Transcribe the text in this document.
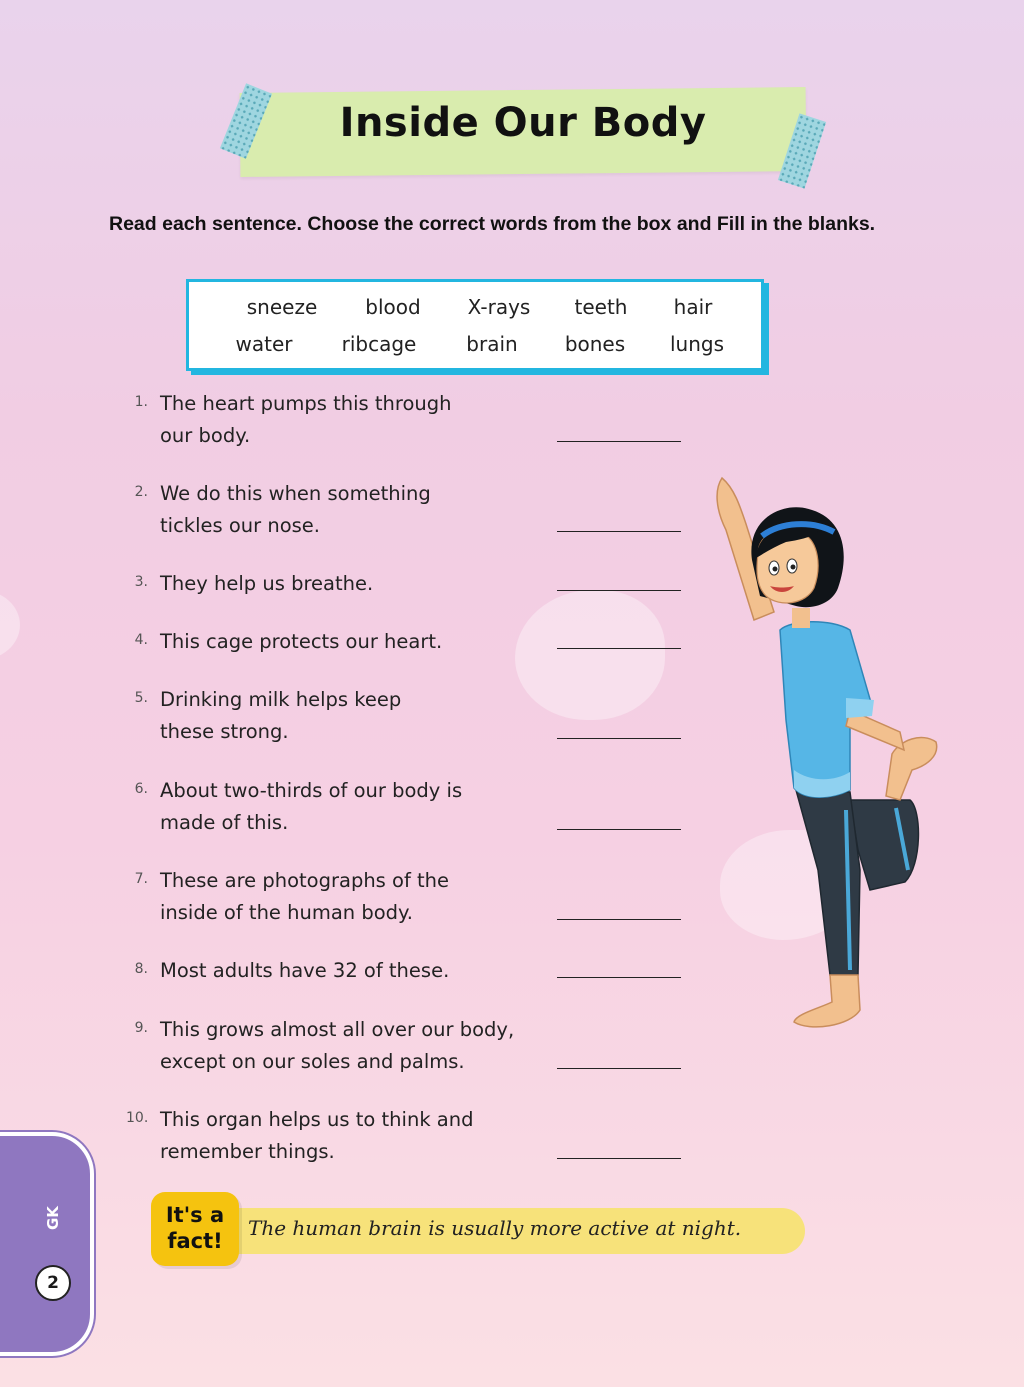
Inside Our Body
Read each sentence. Choose the correct words from the box and Fill in the blanks.
sneeze blood X-rays teeth hair
water ribcage brain bones lungs
1. The heart pumps this through
our body.
2. We do this when something
tickles our nose.
3. They help us breathe.
4. This cage protects our heart.
5. Drinking milk helps keep
these strong.
6. About two-thirds of our body is
made of this.
7. These are photographs of the
inside of the human body.
8. Most adults have 32 of these.
9. This grows almost all over our body,
except on our soles and palms.
10. This organ helps us to think and
remember things.
It's a
fact!
The human brain is usually more active at night.
GK
2
